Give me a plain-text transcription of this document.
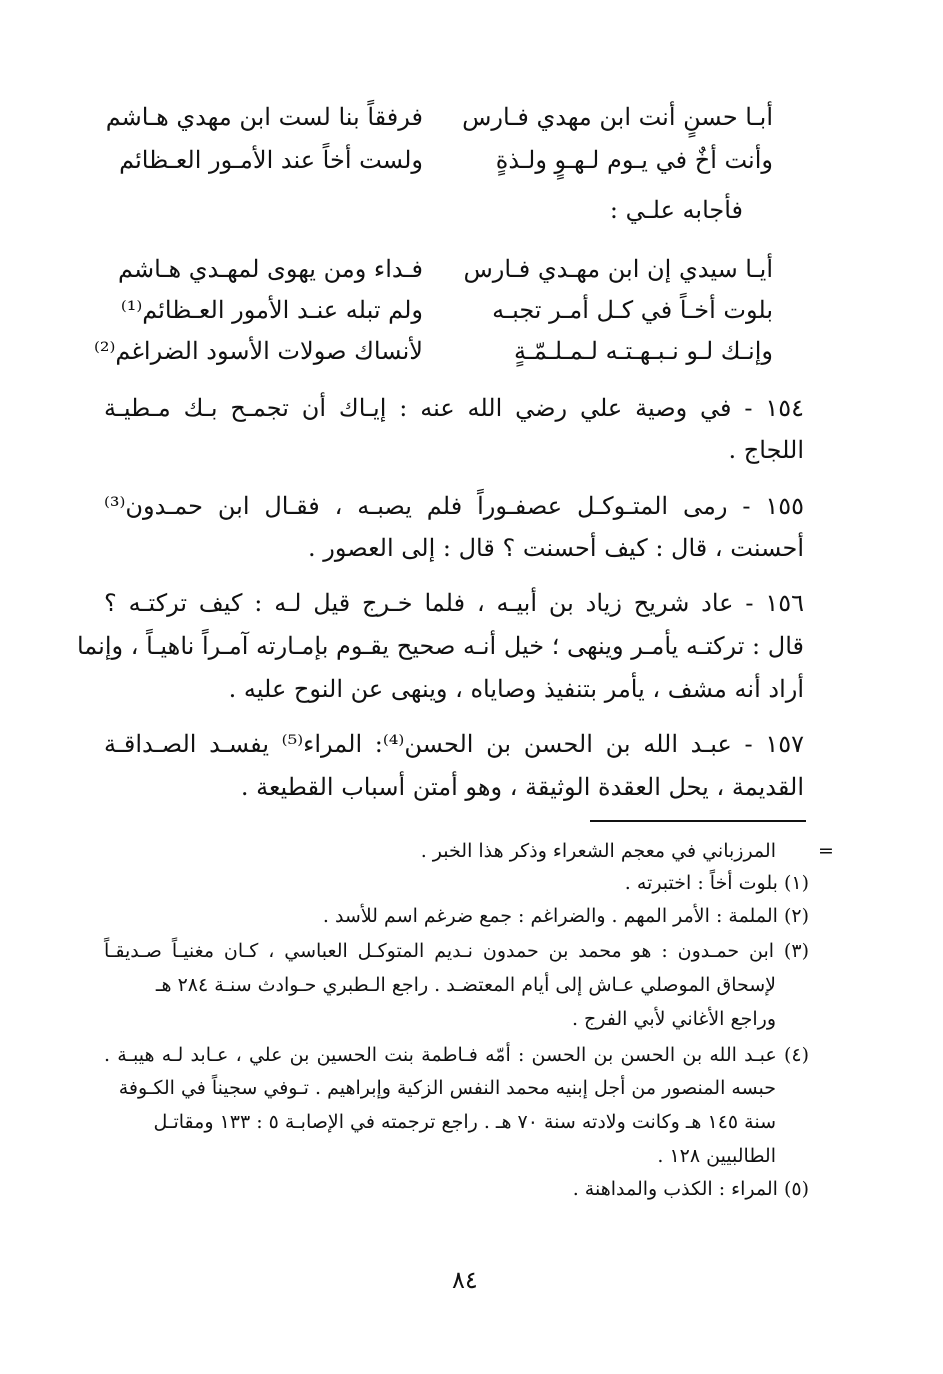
أبـا حسنٍ أنت ابن مهدي فـارس
فرفقاً بنا لست ابن مهدي هـاشم
وأنت أخٌ في يـوم لـهـوٍ ولـذةٍ
ولست أخاً عند الأمـور العـظائم
فأجابه علـي :
أيـا سيدي إن ابن مهـدي فـارس
فـداء ومن يهوى لمهـدي هـاشم
بلوت أخـاً في كـل أمـر تجبـه
ولم تبله عنـد الأمور العـظائم⁽¹⁾
وإنـك لـو نـبـهـتـه لـمـلـمّـةٍ
لأنساك صولات الأسود الضراغم⁽²⁾
١٥٤ - في وصية علي رضي الله عنه : إيـاك أن تجمـح بـك مـطيـة
اللجاج .
١٥٥ - رمى المتـوكـل عصفـوراً فلم يصبـه ، فقـال ابن حمـدون⁽³⁾
أحسنت ، قال : كيف أحسنت ؟ قال : إلى العصور .
١٥٦ - عاد شريح زياد بن أبيـه ، فلما خـرج قيل لـه : كيف تركتـه ؟
قال : تركتـه يأمـر وينهى ؛ خيل أنـه صحيح يقـوم بإمـارته آمـراً ناهيـاً ، وإنما
أراد أنه مشف ، يأمر بتنفيذ وصاياه ، وينهى عن النوح عليه .
١٥٧ - عبـد الله بن الحسن بن الحسن⁽⁴⁾: المراء⁽⁵⁾ يفسـد الصـداقـة
القديمة ، يحل العقدة الوثيقة ، وهو أمتن أسباب القطيعة .
=
المرزباني في معجم الشعراء وذكر هذا الخبر .
(١) بلوت أخاً : اختبرته .
(٢) الملمة : الأمر المهم . والضراغم : جمع ضرغم اسم للأسد .
(٣) ابن حمـدون : هو محمد بن حمدون نـديم المتوكـل العباسي ، كـان مغنيـاً صـديقـاً
لإسحاق الموصلي عـاش إلى أيام المعتضـد . راجع الـطبري حـوادث سنـة ٢٨٤ هـ
وراجع الأغاني لأبي الفرج .
(٤) عبـد الله بن الحسن بن الحسن : أمّه فـاطمة بنت الحسين بن علي ، عـابد لـه هيبـة .
حبسه المنصور من أجل إبنيه محمد النفس الزكية وإبراهيم . تـوفي سجيناً في الكـوفة
سنة ١٤٥ هـ وكانت ولادته سنة ٧٠ هـ . راجع ترجمته في الإصابـة ٥ : ١٣٣ ومقاتـل
الطالبيين ١٢٨ .
(٥) المراء : الكذب والمداهنة .
٨٤
